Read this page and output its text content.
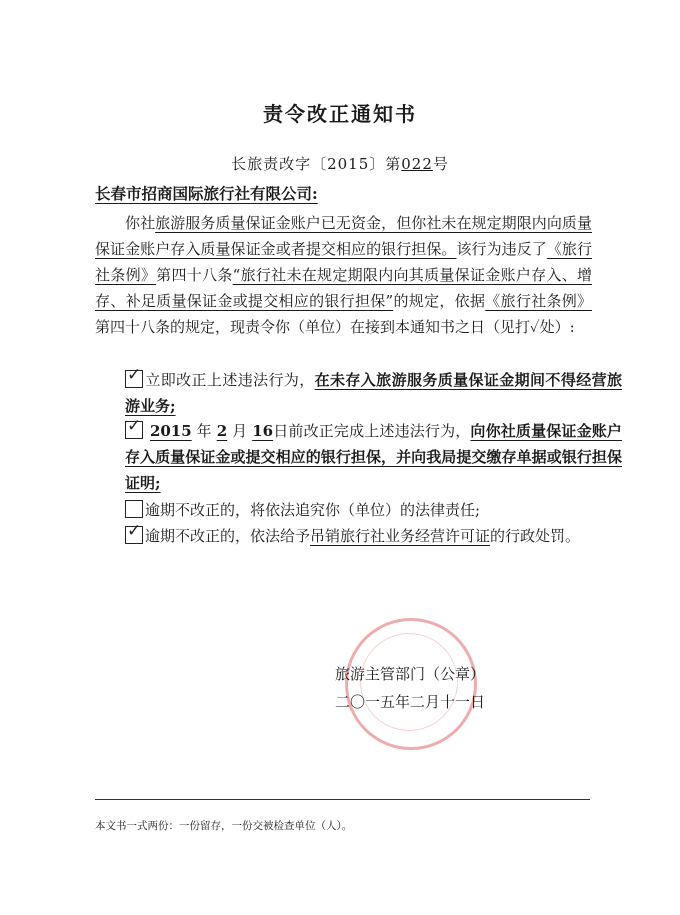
责令改正通知书
长旅责改字〔2015〕第022号
长春市招商国际旅行社有限公司:
你社旅游服务质量保证金账户已无资金，但你社未在规定期限内向质量保证金账户存入质量保证金或者提交相应的银行担保。该行为违反了《旅行社条例》第四十八条“旅行社未在规定期限内向其质量保证金账户存入、增存、补足质量保证金或提交相应的银行担保”的规定，依据《旅行社条例》第四十八条的规定，现责令你（单位）在接到本通知书之日（见打✓处）:
✓立即改正上述违法行为，在未存入旅游服务质量保证金期间不得经营旅游业务;
✓ 2015 年 2 月 16日前改正完成上述违法行为，向你社质量保证金账户存入质量保证金或提交相应的银行担保，并向我局提交缴存单据或银行担保证明;
逾期不改正的，将依法追究你（单位）的法律责任;
✓逾期不改正的，依法给予吊销旅行社业务经营许可证的行政处罚。
旅游主管部门（公章）
二〇一五年二月十一日
本文书一式两份：一份留存，一份交被检查单位（人）。
